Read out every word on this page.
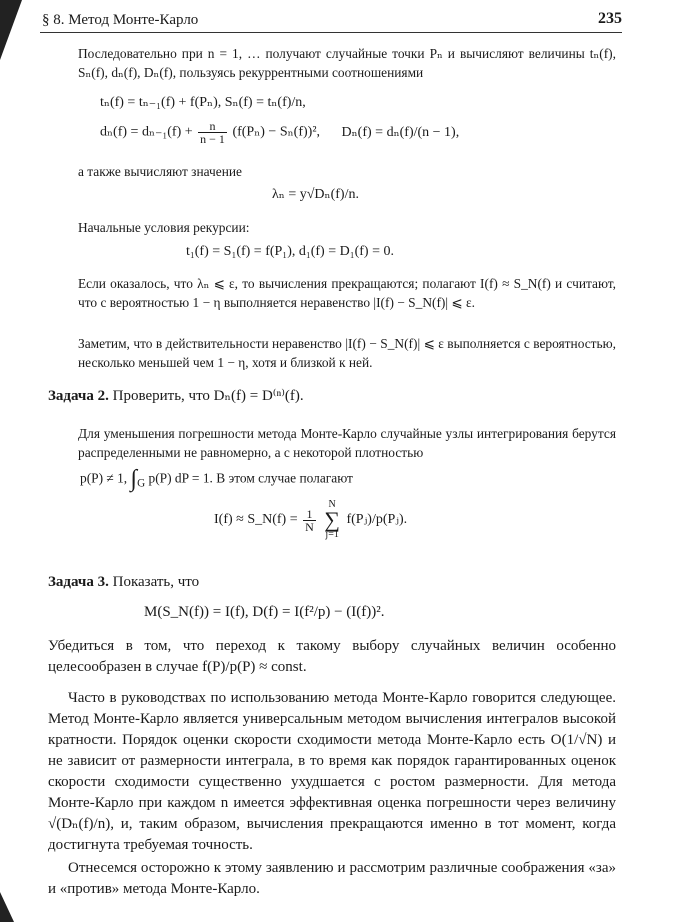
§ 8. Метод Монте-Карло	235
Последовательно при n = 1, … получают случайные точки Pₙ и вычисляют величины tₙ(f), Sₙ(f), dₙ(f), Dₙ(f), пользуясь рекуррентными соотношениями
tₙ(f) = tₙ₋₁(f) + f(Pₙ), Sₙ(f) = tₙ(f)/n,
$d_n(f) = d_{n-1}(f) + \frac{n}{n - 1} (f(P_n) - S_n(f))^2$, Dₙ(f) = dₙ(f)/(n − 1),
а также вычисляют значение
λₙ = y√Dₙ(f)/n.
Начальные условия рекурсии:
t₁(f) = S₁(f) = f(P₁), d₁(f) = D₁(f) = 0.
Если оказалось, что λₙ ⩽ ε, то вычисления прекращаются; полагают I(f) ≈ S_N(f) и считают, что с вероятностью 1 − η выполняется неравенство |I(f) − S_N(f)| ⩽ ε.
Заметим, что в действительности неравенство |I(f) − S_N(f)| ⩽ ε выполняется с вероятностью, несколько меньшей чем 1 − η, хотя и близкой к ней.
Задача 2. Проверить, что Dₙ(f) = D⁽ⁿ⁾(f).
Для уменьшения погрешности метода Монте-Карло случайные узлы интегрирования берутся распределенными не равномерно, а с некоторой плотностью
p(P) ≠ 1, $\int_G$ p(P) dP = 1. В этом случае полагают
I(f) ≈ S_N(f) = $\frac{1}{N}$
N
∑
j=1 f(Pⱼ)/p(Pⱼ).
Задача 3. Показать, что
M(S_N(f)) = I(f), D(f) = I(f²/p) − (I(f))².
Убедиться в том, что переход к такому выбору случайных величин особенно целесообразен в случае f(P)/p(P) ≈ const.
Часто в руководствах по использованию метода Монте-Карло говорится следующее. Метод Монте-Карло является универсальным методом вычисления интегралов высокой кратности. Порядок оценки скорости сходимости метода Монте-Карло есть O(1/√N) и не зависит от размерности интеграла, в то время как порядок гарантированных оценок скорости сходимости существенно ухудшается с ростом размерности. Для метода Монте-Карло при каждом n имеется эффективная оценка погрешности через величину √(Dₙ(f)/n), и, таким образом, вычисления прекращаются именно в тот момент, когда достигнута требуемая точность.
Отнесемся осторожно к этому заявлению и рассмотрим различные соображения «за» и «против» метода Монте-Карло.
